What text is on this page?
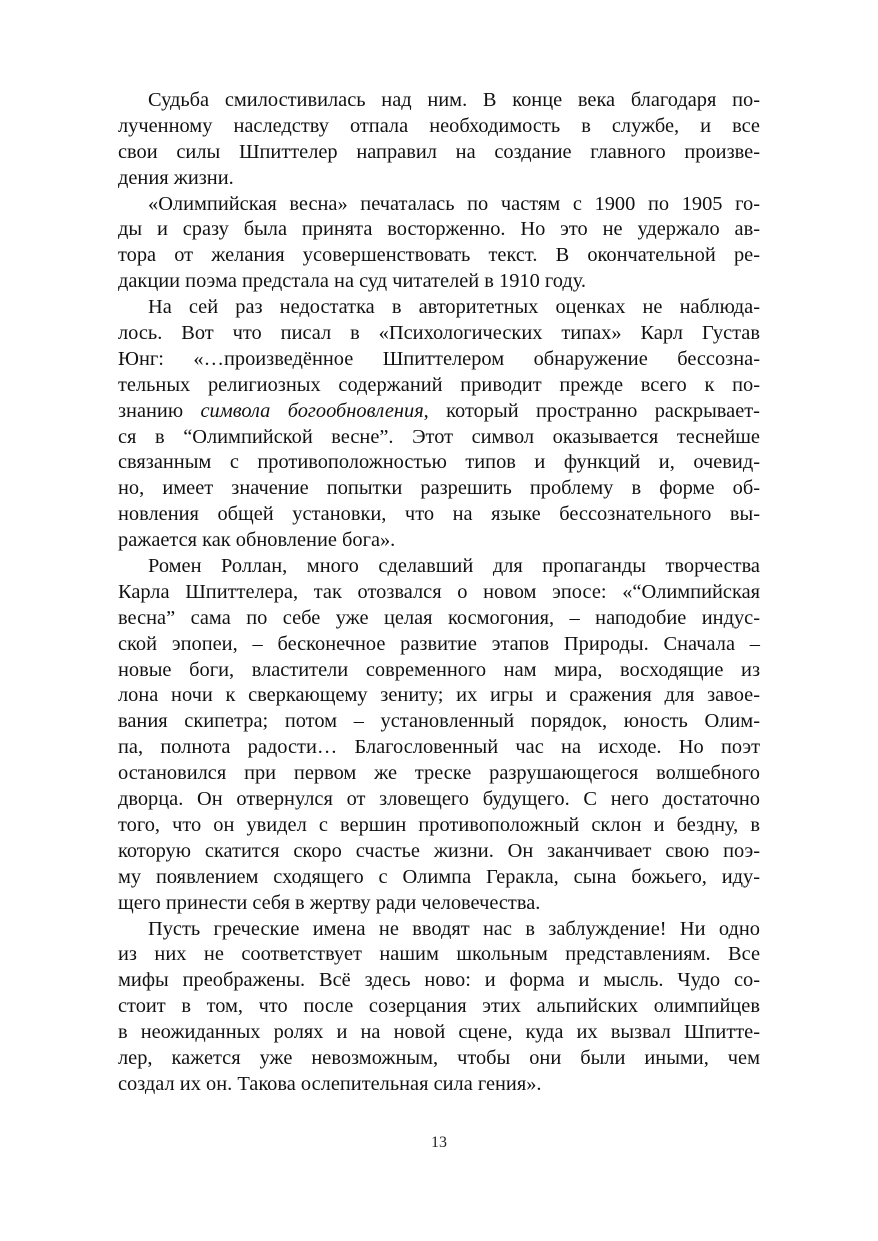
Судьба смилостивилась над ним. В конце века благодаря по-
лученному наследству отпала необходимость в службе, и все
свои силы Шпиттелер направил на создание главного произве-
дения жизни.
«Олимпийская весна» печаталась по частям с 1900 по 1905 го-
ды и сразу была принята восторженно. Но это не удержало ав-
тора от желания усовершенствовать текст. В окончательной ре-
дакции поэма предстала на суд читателей в 1910 году.
На сей раз недостатка в авторитетных оценках не наблюда-
лось. Вот что писал в «Психологических типах» Карл Густав
Юнг: «…произведённое Шпиттелером обнаружение бессозна-
тельных религиозных содержаний приводит прежде всего к по-
знанию символа богообновления, который пространно раскрывает-
ся в “Олимпийской весне”. Этот символ оказывается теснейше
связанным с противоположностью типов и функций и, очевид-
но, имеет значение попытки разрешить проблему в форме об-
новления общей установки, что на языке бессознательного вы-
ражается как обновление бога».
Ромен Роллан, много сделавший для пропаганды творчества
Карла Шпиттелера, так отозвался о новом эпосе: «“Олимпийская
весна” сама по себе уже целая космогония, – наподобие индус-
ской эпопеи, – бесконечное развитие этапов Природы. Сначала –
новые боги, властители современного нам мира, восходящие из
лона ночи к сверкающему зениту; их игры и сражения для завое-
вания скипетра; потом – установленный порядок, юность Олим-
па, полнота радости… Благословенный час на исходе. Но поэт
остановился при первом же треске разрушающегося волшебного
дворца. Он отвернулся от зловещего будущего. С него достаточно
того, что он увидел с вершин противоположный склон и бездну, в
которую скатится скоро счастье жизни. Он заканчивает свою поэ-
му появлением сходящего с Олимпа Геракла, сына божьего, иду-
щего принести себя в жертву ради человечества.
Пусть греческие имена не вводят нас в заблуждение! Ни одно
из них не соответствует нашим школьным представлениям. Все
мифы преображены. Всё здесь ново: и форма и мысль. Чудо со-
стоит в том, что после созерцания этих альпийских олимпийцев
в неожиданных ролях и на новой сцене, куда их вызвал Шпитте-
лер, кажется уже невозможным, чтобы они были иными, чем
создал их он. Такова ослепительная сила гения».
13
